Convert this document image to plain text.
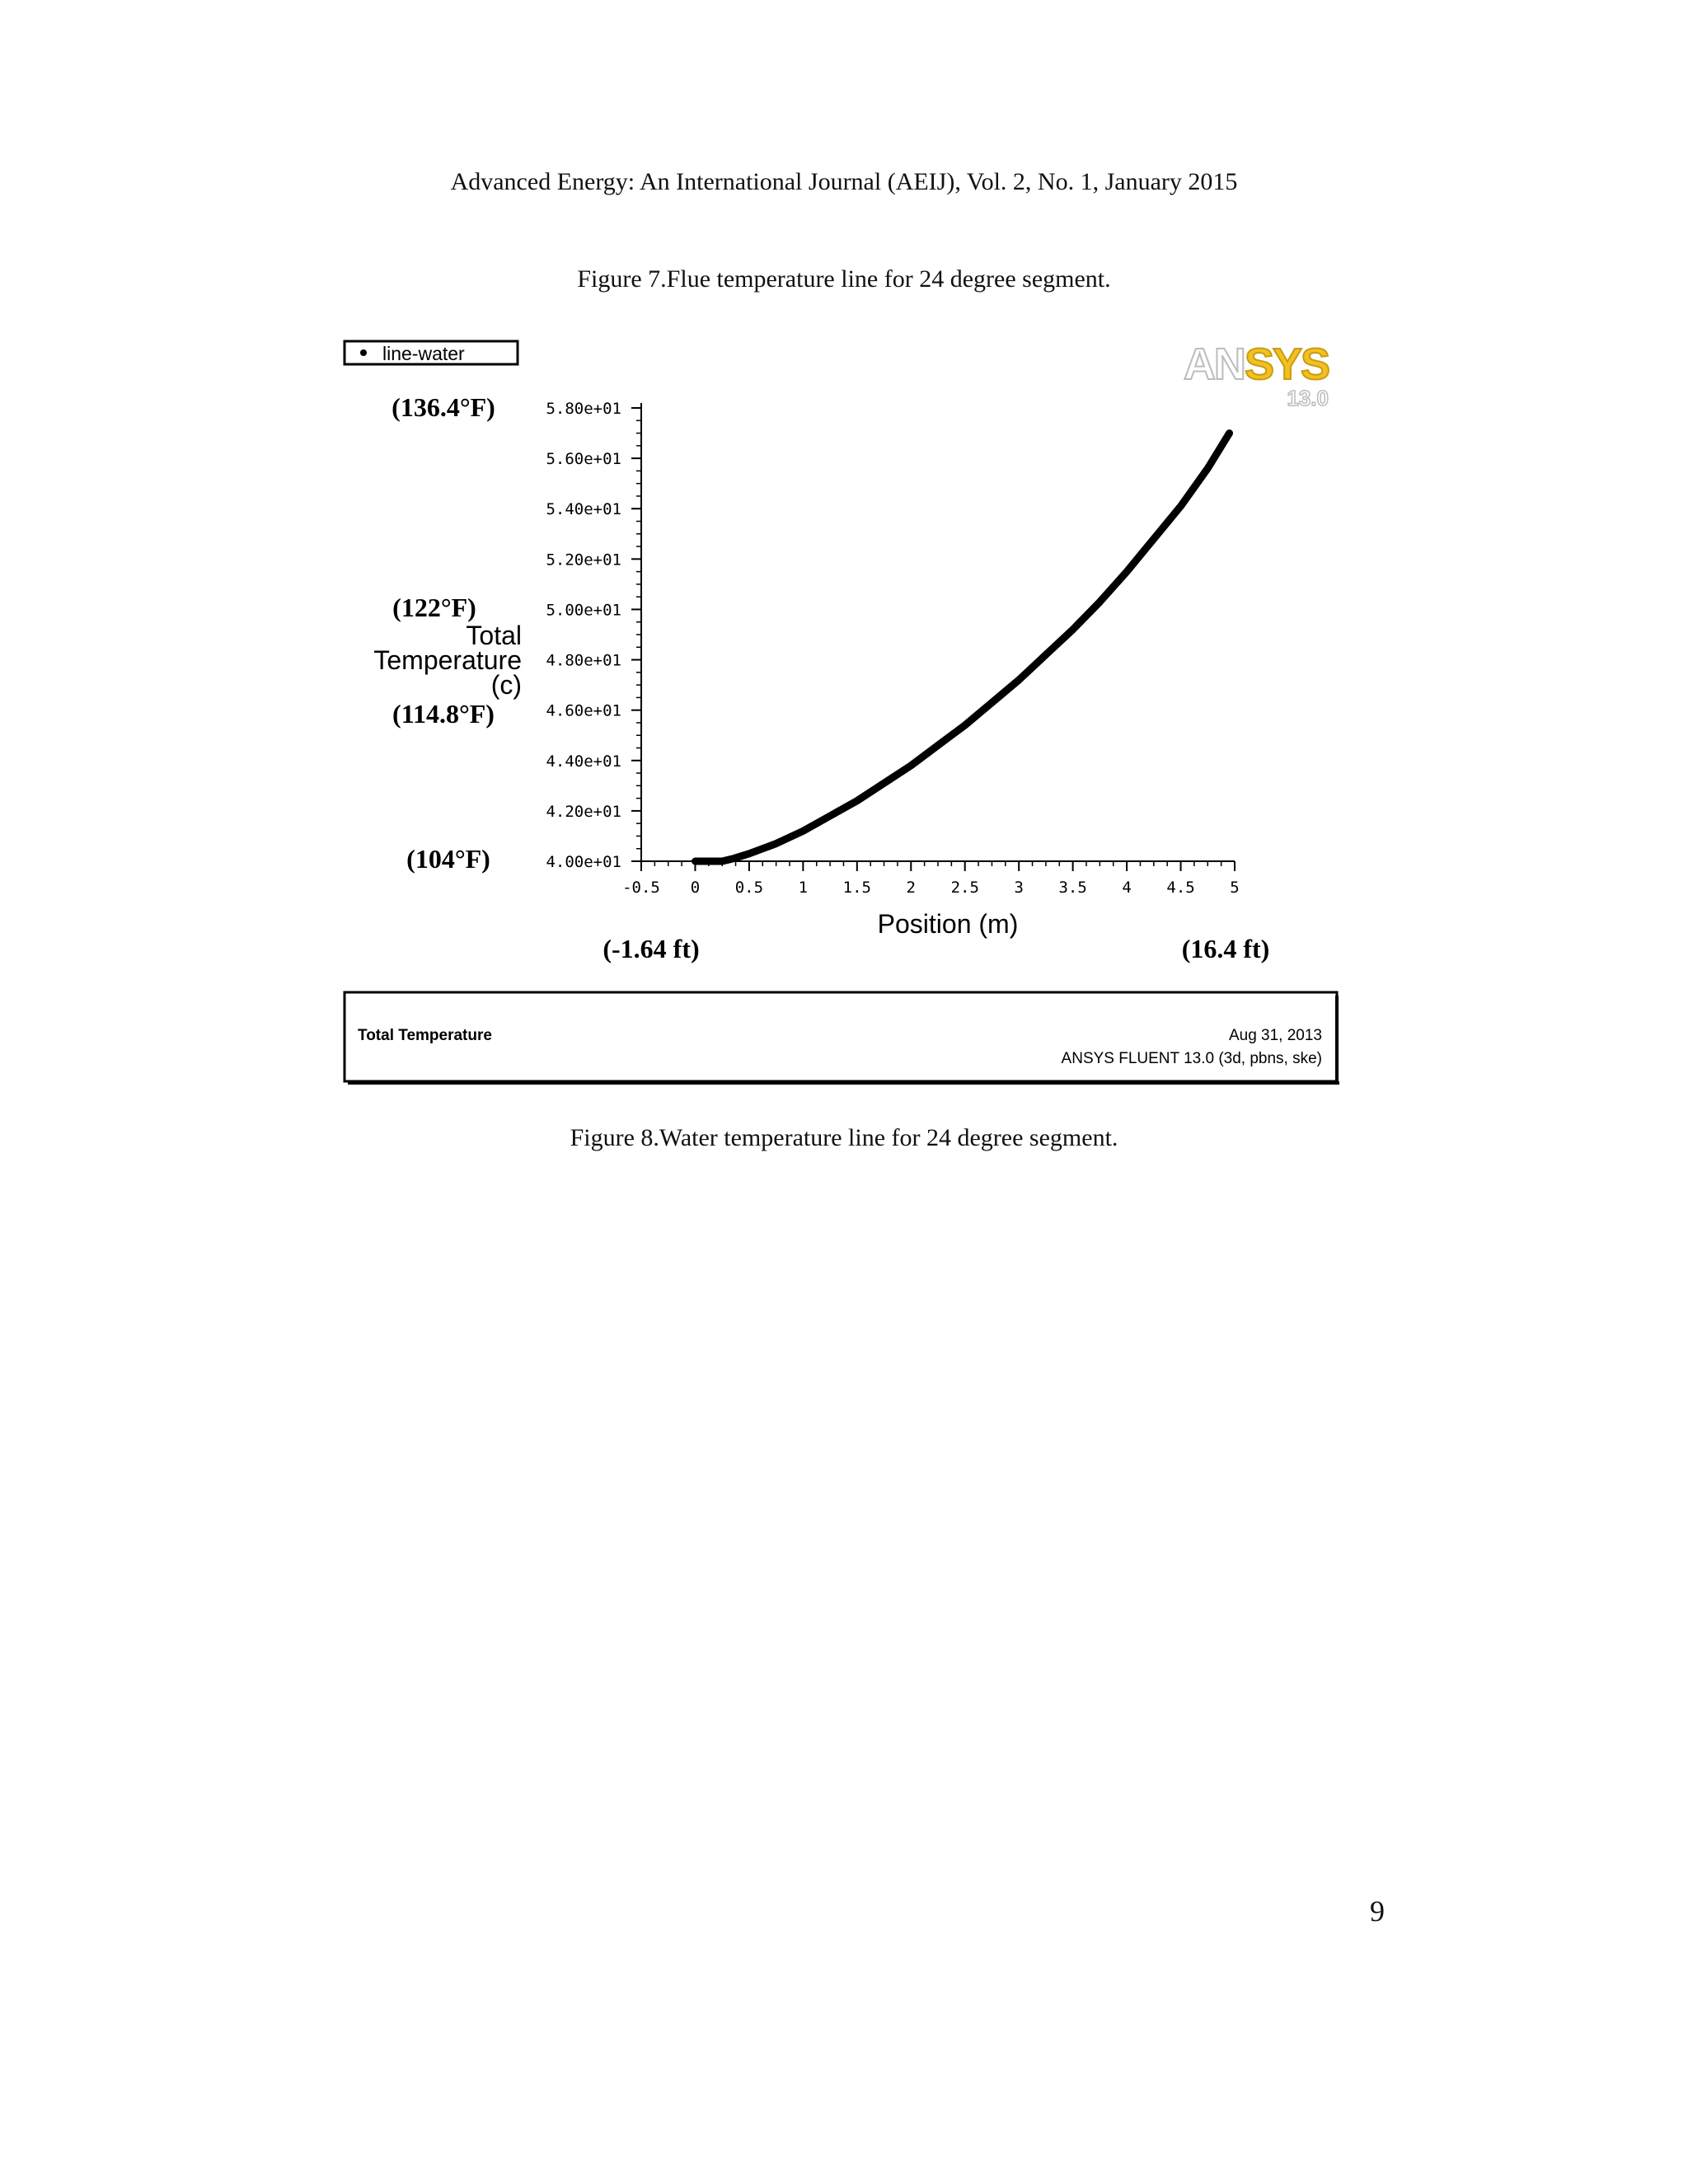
Advanced Energy: An International Journal (AEIJ), Vol. 2, No. 1, January 2015
Figure 7.Flue temperature line for 24 degree segment.
line-water	ANSYS
13.0
(136.4°F)
(122°F)
(114.8°F)
(104°F)
(-1.64 ft)	(16.4 ft)
Total
Temperature
(c)
Position (m)
4.00e+01
4.20e+01
4.40e+01
4.60e+01
4.80e+01
5.00e+01
5.20e+01
5.40e+01
5.60e+01
5.80e+01
-0.5 0 0.5 1 1.5 2 2.5 3 3.5 4 4.5 5
Total Temperature	Aug 31, 2013
ANSYS FLUENT 13.0 (3d, pbns, ske)
Figure 8.Water temperature line for 24 degree segment.
9
